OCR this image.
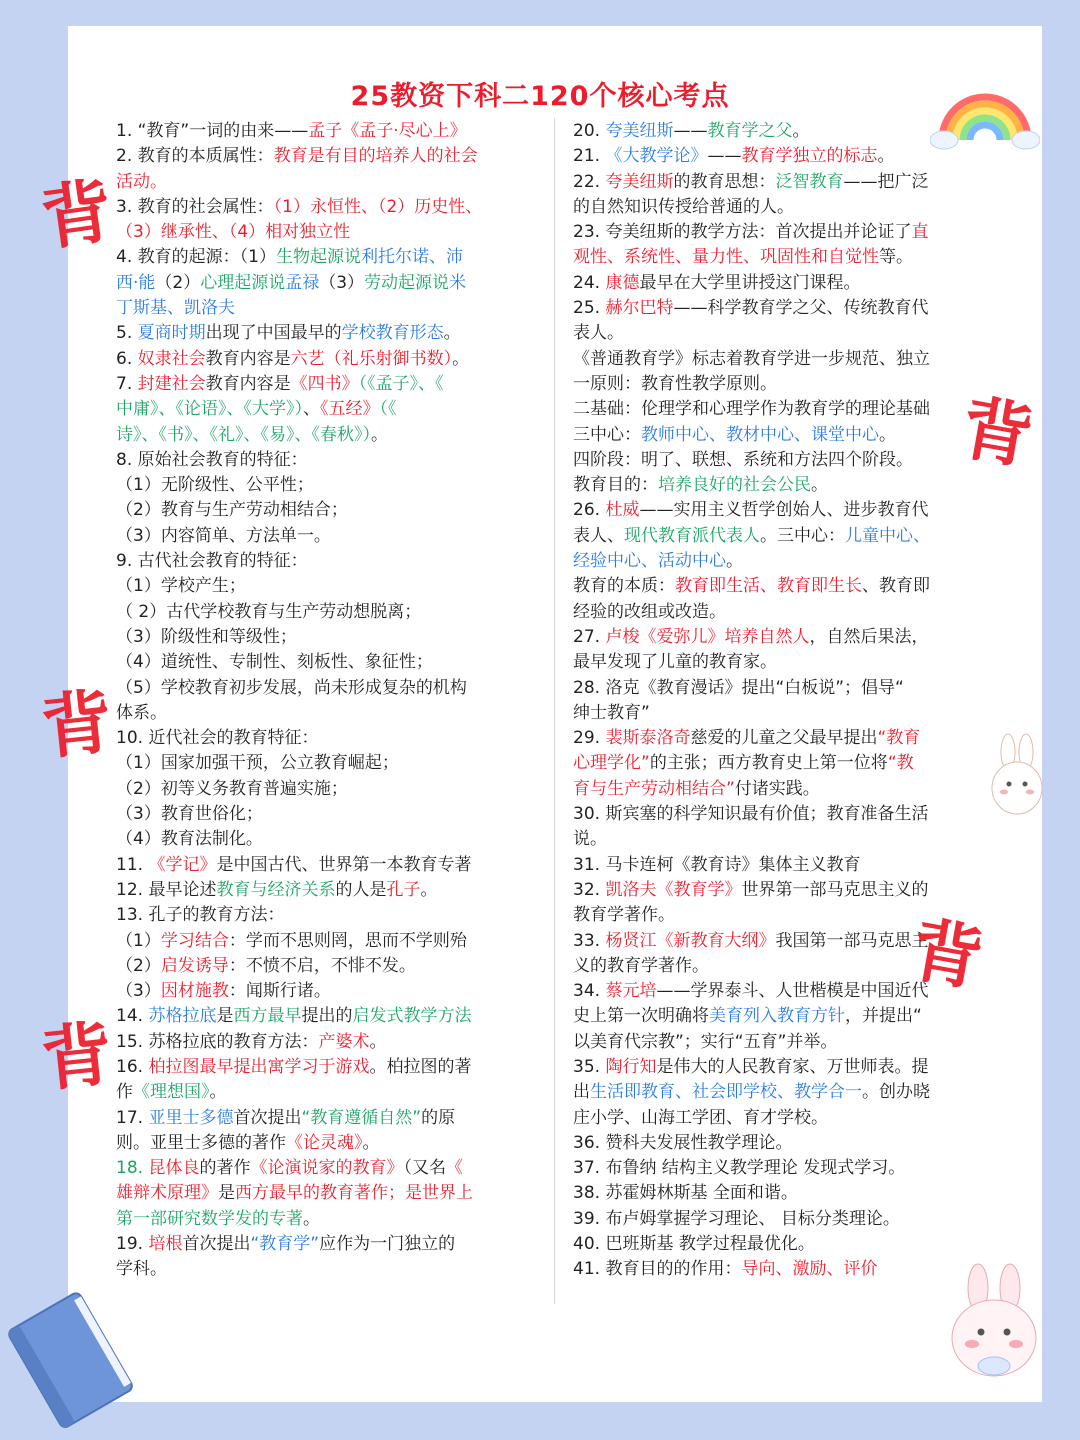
25教资下科二120个核心考点
1. “教育”一词的由来——孟子《孟子·尽心上》
2. 教育的本质属性：教育是有目的培养人的社会
活动。
3. 教育的社会属性：（1）永恒性、（2）历史性、
（3）继承性、（4）相对独立性
4. 教育的起源：（1）生物起源说利托尔诺、沛
西·能（2）心理起源说孟禄（3）劳动起源说米
丁斯基、凯洛夫
5. 夏商时期出现了中国最早的学校教育形态。
6. 奴隶社会教育内容是六艺（礼乐射御书数）。
7. 封建社会教育内容是《四书》（《孟子》、《
中庸》、《论语》、《大学》）、《五经》（《
诗》、《书》、《礼》、《易》、《春秋》）。
8. 原始社会教育的特征：
（1）无阶级性、公平性；
（2）教育与生产劳动相结合；
（3）内容简单、方法单一。
9. 古代社会教育的特征：
（1）学校产生；
（ 2）古代学校教育与生产劳动想脱离；
（3）阶级性和等级性；
（4）道统性、专制性、刻板性、象征性；
（5）学校教育初步发展，尚未形成复杂的机构
体系。
10. 近代社会的教育特征：
（1）国家加强干预，公立教育崛起；
（2）初等义务教育普遍实施；
（3）教育世俗化；
（4）教育法制化。
11. 《学记》是中国古代、世界第一本教育专著
12. 最早论述教育与经济关系的人是孔子。
13. 孔子的教育方法：
（1）学习结合：学而不思则罔，思而不学则殆
（2）启发诱导：不愤不启，不悱不发。
（3）因材施教：闻斯行诸。
14. 苏格拉底是西方最早提出的启发式教学方法
15. 苏格拉底的教育方法：产婆术。
16. 柏拉图最早提出寓学习于游戏。柏拉图的著
作《理想国》。
17. 亚里士多德首次提出“教育遵循自然”的原
则。亚里士多德的著作《论灵魂》。
18. 昆体良的著作《论演说家的教育》（又名《
雄辩术原理》是西方最早的教育著作；是世界上
第一部研究数学发的专著。
19. 培根首次提出“教育学”应作为一门独立的
学科。
20. 夸美纽斯——教育学之父。
21. 《大教学论》——教育学独立的标志。
22. 夸美纽斯的教育思想：泛智教育——把广泛
的自然知识传授给普通的人。
23. 夸美纽斯的教学方法：首次提出并论证了直
观性、系统性、量力性、巩固性和自觉性等。
24. 康德最早在大学里讲授这门课程。
25. 赫尔巴特——科学教育学之父、传统教育代
表人。
《普通教育学》标志着教育学进一步规范、独立
一原则：教育性教学原则。
二基础：伦理学和心理学作为教育学的理论基础
三中心：教师中心、教材中心、课堂中心。
四阶段：明了、联想、系统和方法四个阶段。
教育目的：培养良好的社会公民。
26. 杜威——实用主义哲学创始人、进步教育代
表人、现代教育派代表人。三中心：儿童中心、
经验中心、活动中心。
教育的本质：教育即生活、教育即生长、教育即
经验的改组或改造。
27. 卢梭《爱弥儿》培养自然人，自然后果法，
最早发现了儿童的教育家。
28. 洛克《教育漫话》提出“白板说”；倡导“
绅士教育”
29. 裴斯泰洛奇慈爱的儿童之父最早提出“教育
心理学化”的主张；西方教育史上第一位将“教
育与生产劳动相结合”付诸实践。
30. 斯宾塞的科学知识最有价值；教育准备生活
说。
31. 马卡连柯《教育诗》集体主义教育
32. 凯洛夫《教育学》世界第一部马克思主义的
教育学著作。
33. 杨贤江《新教育大纲》我国第一部马克思主
义的教育学著作。
34. 蔡元培——学界泰斗、人世楷模是中国近代
史上第一次明确将美育列入教育方针，并提出“
以美育代宗教”；实行“五育”并举。
35. 陶行知是伟大的人民教育家、万世师表。提
出生活即教育、社会即学校、教学合一。创办晓
庄小学、山海工学团、育才学校。
36. 赞科夫发展性教学理论。
37. 布鲁纳 结构主义教学理论 发现式学习。
38. 苏霍姆林斯基 全面和谐。
39. 布卢姆掌握学习理论、 目标分类理论。
40. 巴班斯基 教学过程最优化。
41. 教育目的的作用：导向、激励、评价
背
背
背
背
背
